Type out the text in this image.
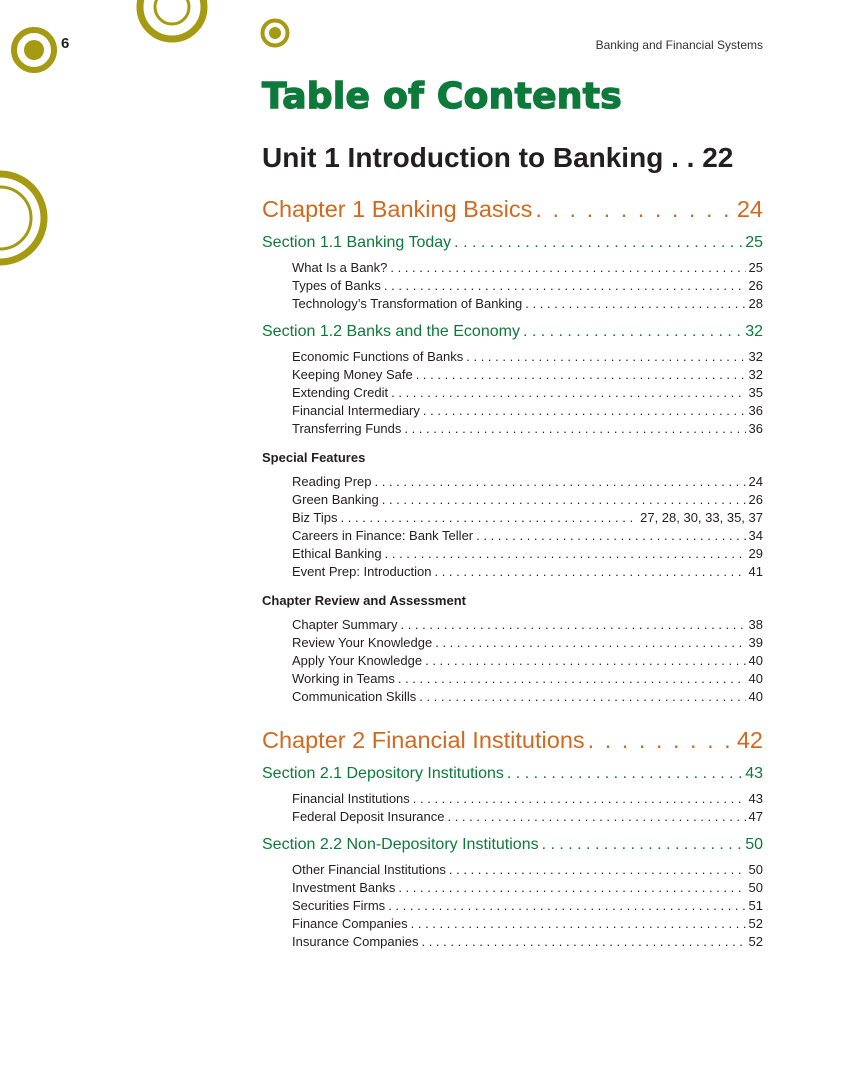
6	Banking and Financial Systems
Table of Contents
Unit 1 Introduction to Banking . . 22
Chapter 1 Banking Basics . . .	24
Section 1.1 Banking Today . . .	25
What Is a Bank? . . .	25
Types of Banks . . .	26
Technology’s Transformation of Banking . . .	28
Section 1.2 Banks and the Economy . . .	32
Economic Functions of Banks . . .	32
Keeping Money Safe . . .	32
Extending Credit . . .	35
Financial Intermediary . . .	36
Transferring Funds . . .	36
Special Features
Reading Prep . . .	24
Green Banking . . .	26
Biz Tips . . .	27, 28, 30, 33, 35, 37
Careers in Finance: Bank Teller . . .	34
Ethical Banking . . .	29
Event Prep: Introduction . . .	41
Chapter Review and Assessment
Chapter Summary . . .	38
Review Your Knowledge . . .	39
Apply Your Knowledge . . .	40
Working in Teams . . .	40
Communication Skills . . .	40
Chapter 2 Financial Institutions . . .	42
Section 2.1 Depository Institutions . . .	43
Financial Institutions . . .	43
Federal Deposit Insurance . . .	47
Section 2.2 Non-Depository Institutions . . .	50
Other Financial Institutions . . .	50
Investment Banks . . .	50
Securities Firms . . .	51
Finance Companies . . .	52
Insurance Companies . . .	52
